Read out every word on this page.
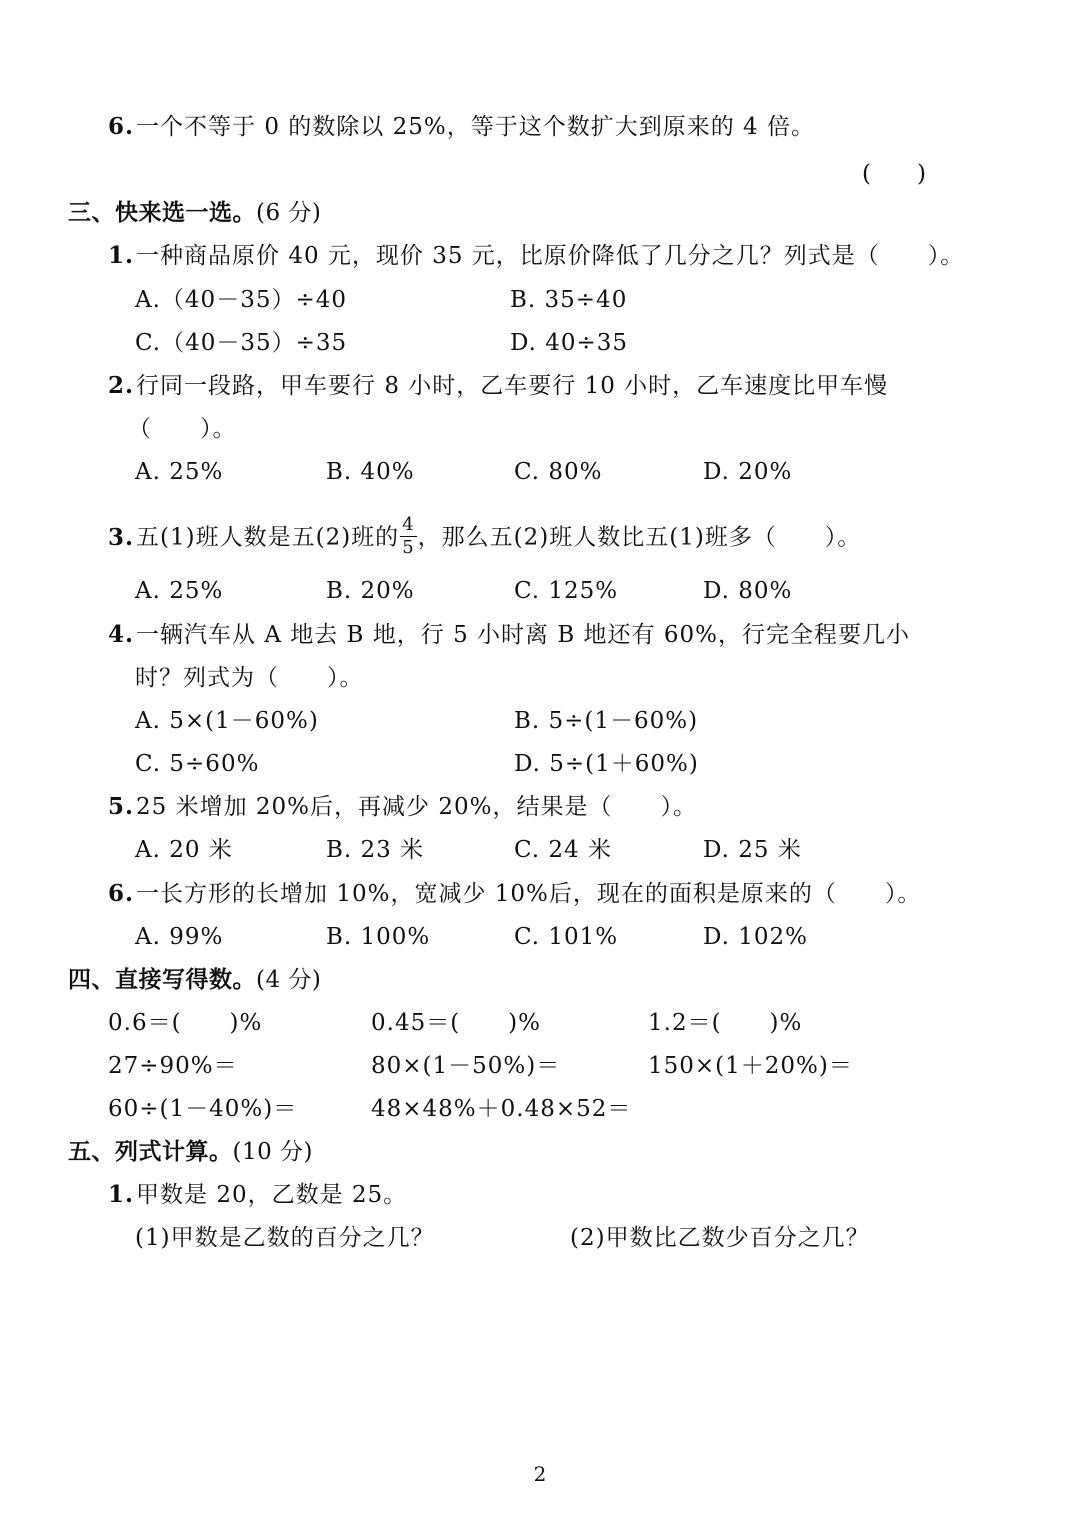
6.一个不等于 0 的数除以 25%，等于这个数扩大到原来的 4 倍。
(　　)
三、快来选一选。(6 分)
1.一种商品原价 40 元，现价 35 元，比原价降低了几分之几？列式是（　　）。
A.（40－35）÷40	B. 35÷40
C.（40－35）÷35	D. 40÷35
2.行同一段路，甲车要行 8 小时，乙车要行 10 小时，乙车速度比甲车慢
（　　）。
A. 25%	B. 40%	C. 80%	D. 20%
3.五(1)班人数是五(2)班的 $\frac{4}{5}$ ，那么五(2)班人数比五(1)班多（　　）。
A. 25%	B. 20%	C. 125%	D. 80%
4.一辆汽车从 A 地去 B 地，行 5 小时离 B 地还有 60%，行完全程要几小
时？列式为（　　）。
A. 5×(1－60%)	B. 5÷(1－60%)
C. 5÷60%	D. 5÷(1＋60%)
5.25 米增加 20%后，再减少 20%，结果是（　　）。
A. 20 米	B. 23 米	C. 24 米	D. 25 米
6.一长方形的长增加 10%，宽减少 10%后，现在的面积是原来的（　　）。
A. 99%	B. 100%	C. 101%	D. 102%
四、直接写得数。(4 分)
0.6＝(　　)%	0.45＝(　　)%	1.2＝(　　)%
27÷90%＝	80×(1－50%)＝	150×(1＋20%)＝
60÷(1－40%)＝	48×48%＋0.48×52＝
五、列式计算。(10 分)
1.甲数是 20，乙数是 25。
(1)甲数是乙数的百分之几？	(2)甲数比乙数少百分之几？
2
